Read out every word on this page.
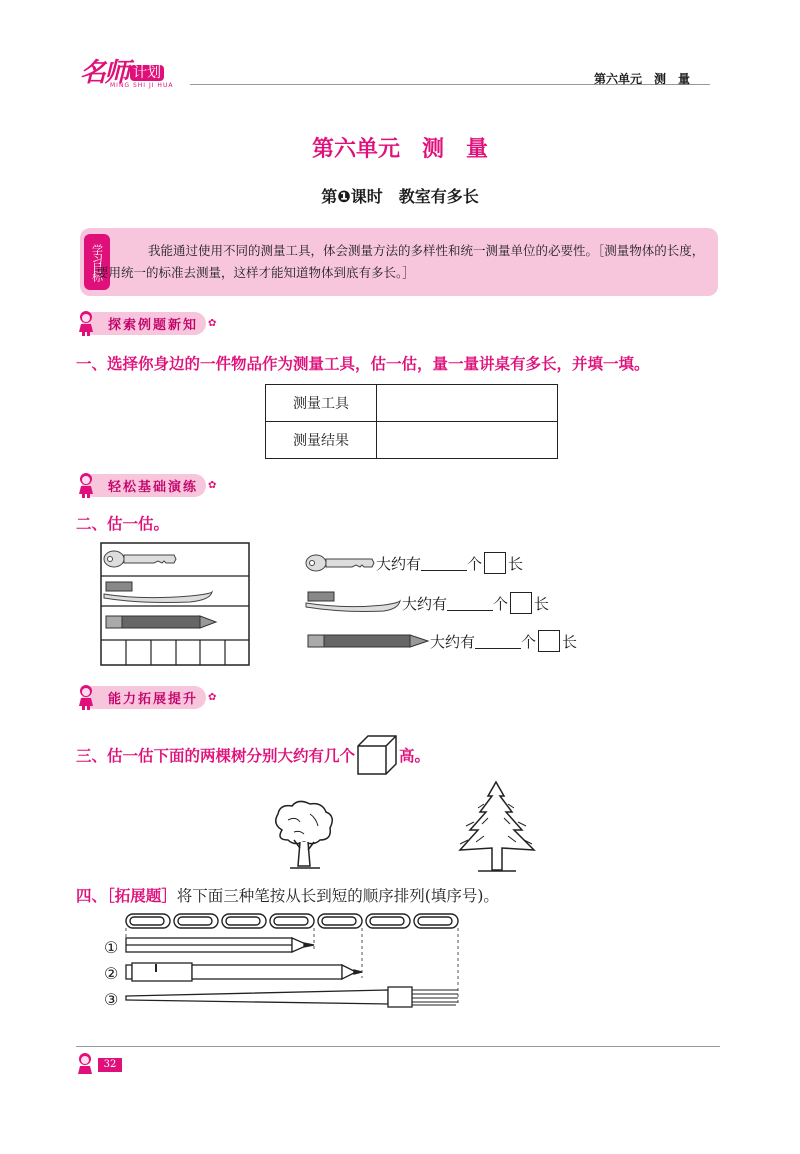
名师 计划
MING SHI JI HUA	第六单元　测　量
第六单元　测　量
第❶课时　教室有多长
学习目标	我能通过使用不同的测量工具，体会测量方法的多样性和统一测量单位的必要性。［测量物体的长度，要用统一的标准去测量，这样才能知道物体到底有多长。］
探索例题新知	✿
一、选择你身边的一件物品作为测量工具，估一估，量一量讲桌有多长，并填一填。
测量工具	
测量结果	
轻松基础演练	✿
二、估一估。
大约有	个 长
大约有	个 长
大约有	个 长
能力拓展提升	✿
三、估一估下面的两棵树分别大约有几个	高。
四、［拓展题］将下面三种笔按从长到短的顺序排列(填序号)。
①
②
③
32
